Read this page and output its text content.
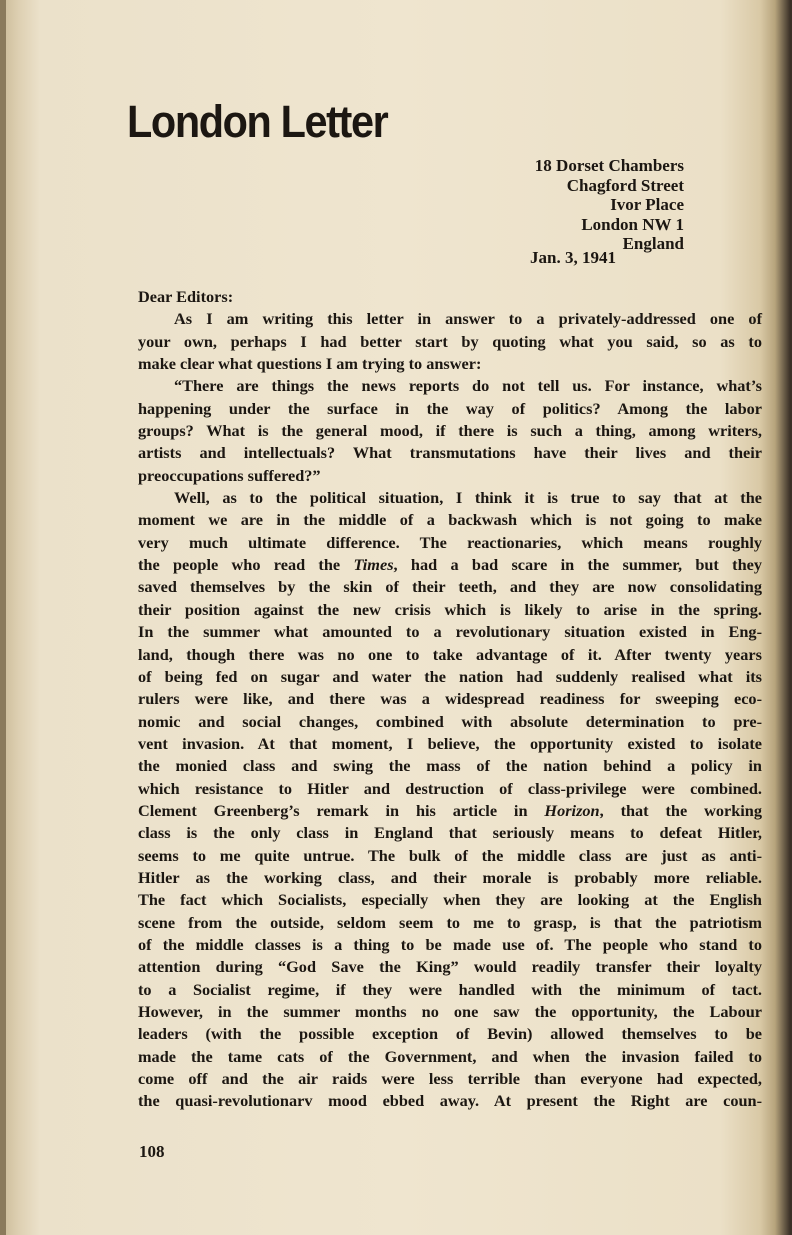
London Letter
18 Dorset Chambers
Chagford Street
Ivor Place
London NW 1
England
Jan. 3, 1941
Dear Editors:
As I am writing this letter in answer to a privately-addressed one of
your own, perhaps I had better start by quoting what you said, so as to
make clear what questions I am trying to answer:
“There are things the news reports do not tell us. For instance, what’s
happening under the surface in the way of politics? Among the labor
groups? What is the general mood, if there is such a thing, among writers,
artists and intellectuals? What transmutations have their lives and their
preoccupations suffered?”
Well, as to the political situation, I think it is true to say that at the
moment we are in the middle of a backwash which is not going to make
very much ultimate difference. The reactionaries, which means roughly
the people who read the Times, had a bad scare in the summer, but they
saved themselves by the skin of their teeth, and they are now consolidating
their position against the new crisis which is likely to arise in the spring.
In the summer what amounted to a revolutionary situation existed in Eng-
land, though there was no one to take advantage of it. After twenty years
of being fed on sugar and water the nation had suddenly realised what its
rulers were like, and there was a widespread readiness for sweeping eco-
nomic and social changes, combined with absolute determination to pre-
vent invasion. At that moment, I believe, the opportunity existed to isolate
the monied class and swing the mass of the nation behind a policy in
which resistance to Hitler and destruction of class-privilege were combined.
Clement Greenberg’s remark in his article in Horizon, that the working
class is the only class in England that seriously means to defeat Hitler,
seems to me quite untrue. The bulk of the middle class are just as anti-
Hitler as the working class, and their morale is probably more reliable.
The fact which Socialists, especially when they are looking at the English
scene from the outside, seldom seem to me to grasp, is that the patriotism
of the middle classes is a thing to be made use of. The people who stand to
attention during “God Save the King” would readily transfer their loyalty
to a Socialist regime, if they were handled with the minimum of tact.
However, in the summer months no one saw the opportunity, the Labour
leaders (with the possible exception of Bevin) allowed themselves to be
made the tame cats of the Government, and when the invasion failed to
come off and the air raids were less terrible than everyone had expected,
the quasi-revolutionarv mood ebbed away. At present the Right are coun-
108
